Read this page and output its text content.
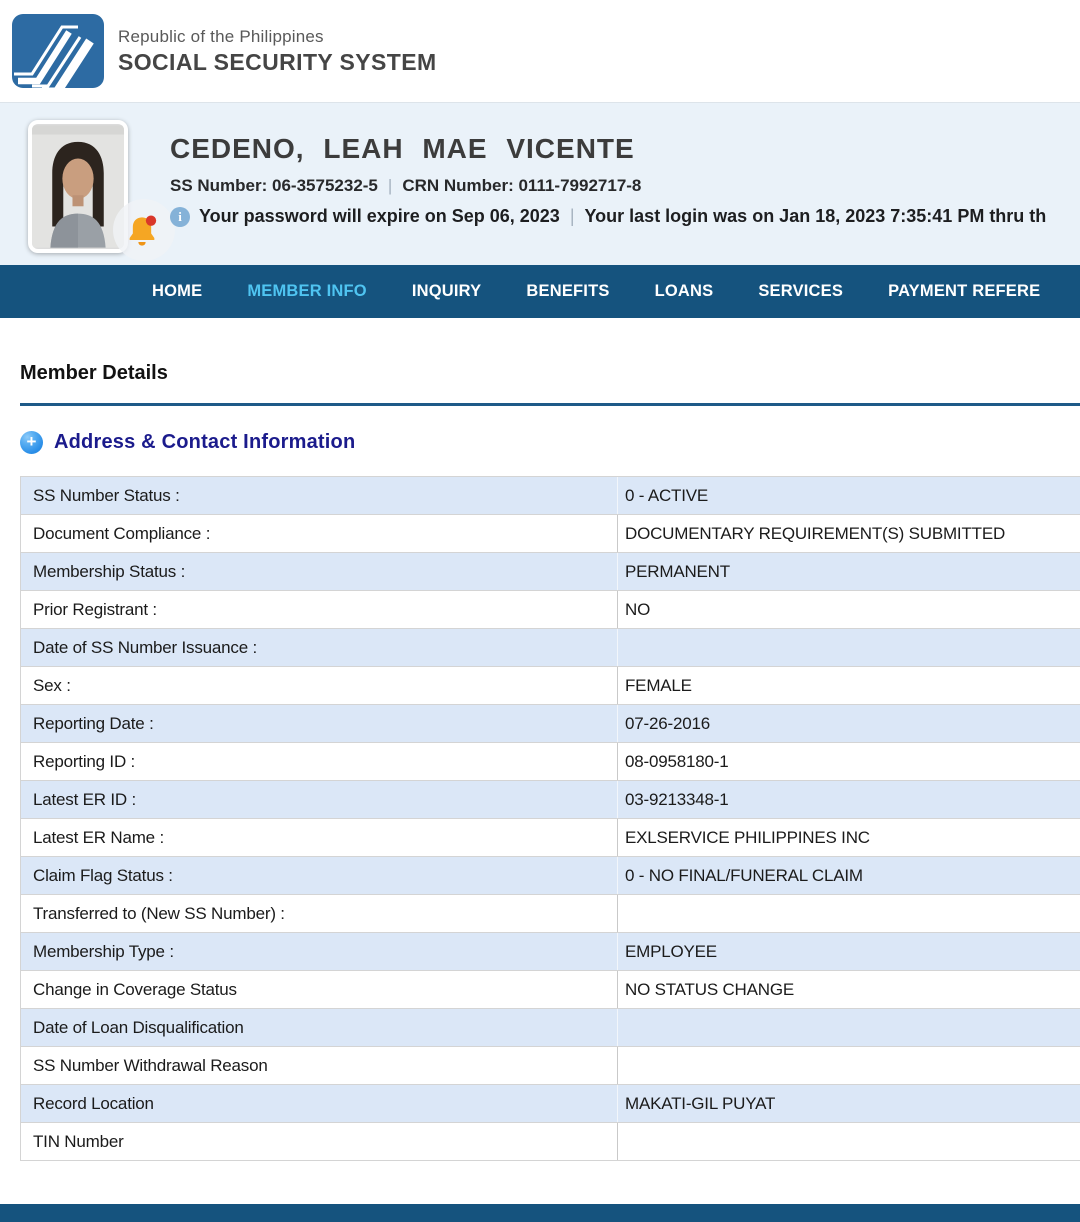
Republic of the Philippines
SOCIAL SECURITY SYSTEM
CEDENO, LEAH MAE VICENTE
SS Number: 06-3575232-5 | CRN Number: 0111-7992717-8
i
Your password will expire on Sep 06, 2023 | Your last login was on Jan 18, 2023 7:35:41 PM thru th
HOME	MEMBER INFO	INQUIRY	BENEFITS	LOANS	SERVICES	PAYMENT REFERE
Member Details
+
Address & Contact Information
SS Number Status :	0 - ACTIVE
Document Compliance :	DOCUMENTARY REQUIREMENT(S) SUBMITTED
Membership Status :	PERMANENT
Prior Registrant :	NO
Date of SS Number Issuance :
Sex :	FEMALE
Reporting Date :	07-26-2016
Reporting ID :	08-0958180-1
Latest ER ID :	03-9213348-1
Latest ER Name :	EXLSERVICE PHILIPPINES INC
Claim Flag Status :	0 - NO FINAL/FUNERAL CLAIM
Transferred to (New SS Number) :
Membership Type :	EMPLOYEE
Change in Coverage Status	NO STATUS CHANGE
Date of Loan Disqualification
SS Number Withdrawal Reason
Record Location	MAKATI-GIL PUYAT
TIN Number
